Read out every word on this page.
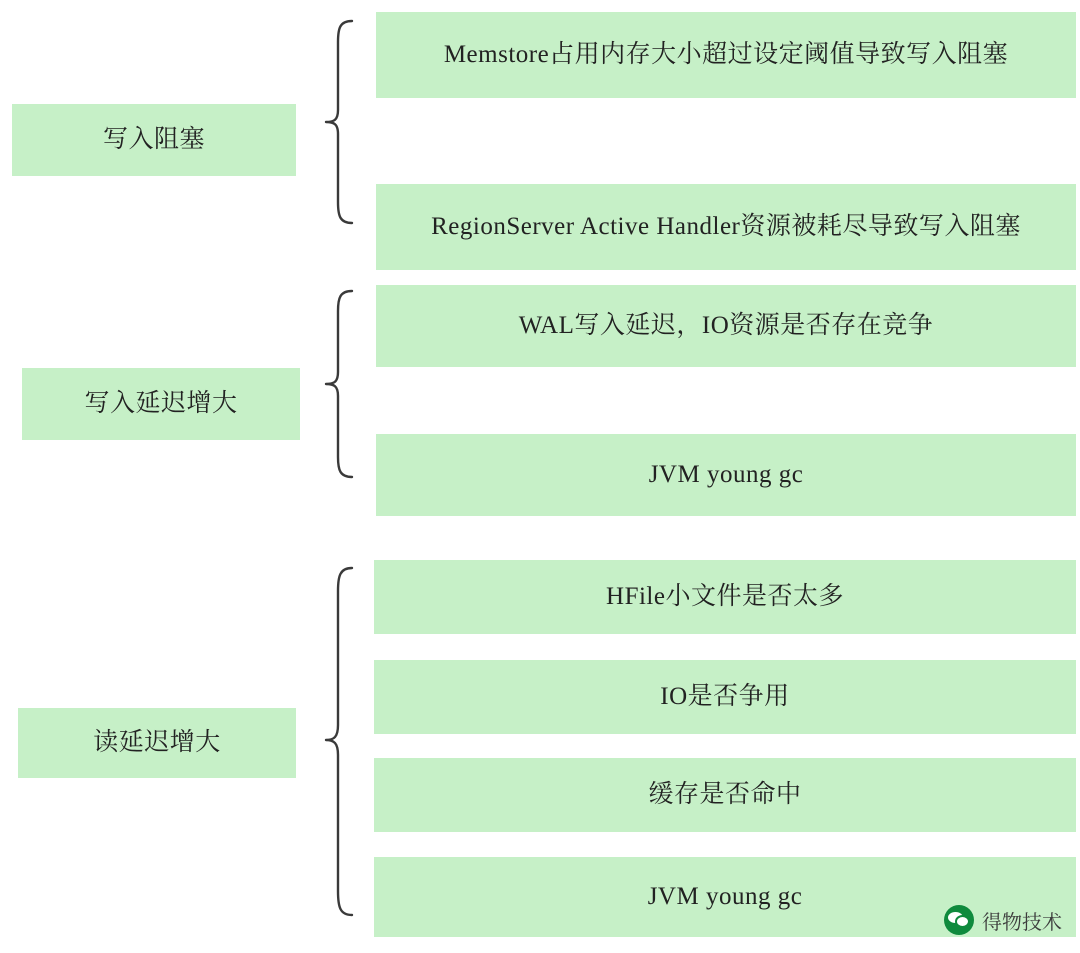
写入阻塞
Memstore占用内存大小超过设定阈值导致写入阻塞
RegionServer Active Handler资源被耗尽导致写入阻塞
写入延迟增大
WAL写入延迟，IO资源是否存在竞争
JVM young gc
读延迟增大
HFile小文件是否太多
IO是否争用
缓存是否命中
JVM young gc
得物技术
